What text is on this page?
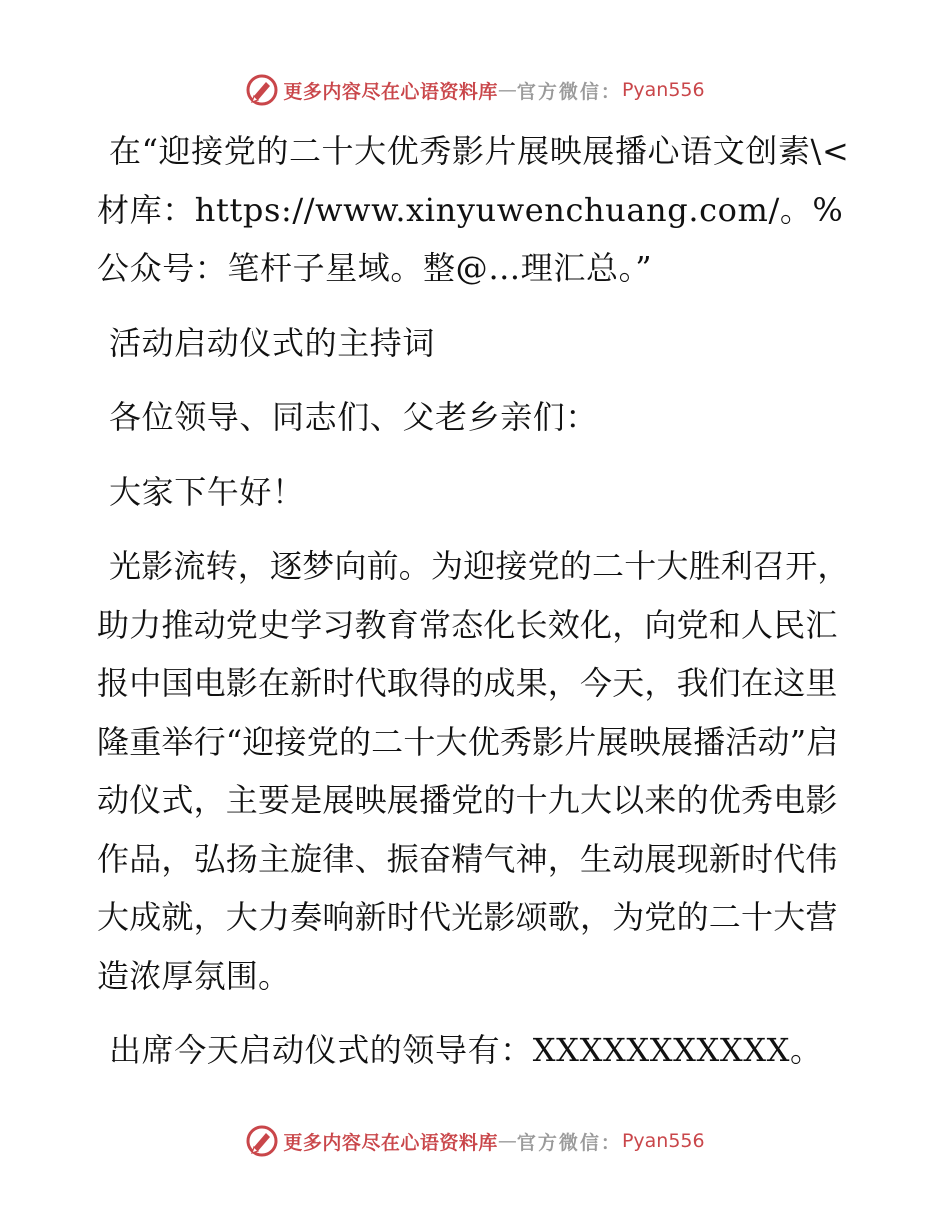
更多内容尽在心语资料库 — 官方微信： Pyan556

在“迎接党的二十大优秀影片展映展播心语文创素\<材库：https://www.xinyuwenchuang.com/。%公众号：笔杆子星域。整@…理汇总。”

活动启动仪式的主持词

各位领导、同志们、父老乡亲们：

大家下午好！

光影流转，逐梦向前。为迎接党的二十大胜利召开，助力推动党史学习教育常态化长效化，向党和人民汇报中国电影在新时代取得的成果，今天，我们在这里隆重举行“迎接党的二十大优秀影片展映展播活动”启动仪式，主要是展映展播党的十九大以来的优秀电影作品，弘扬主旋律、振奋精气神，生动展现新时代伟大成就，大力奏响新时代光影颂歌，为党的二十大营造浓厚氛围。

出席今天启动仪式的领导有：XXXXXXXXXXX。

更多内容尽在心语资料库 — 官方微信： Pyan556
